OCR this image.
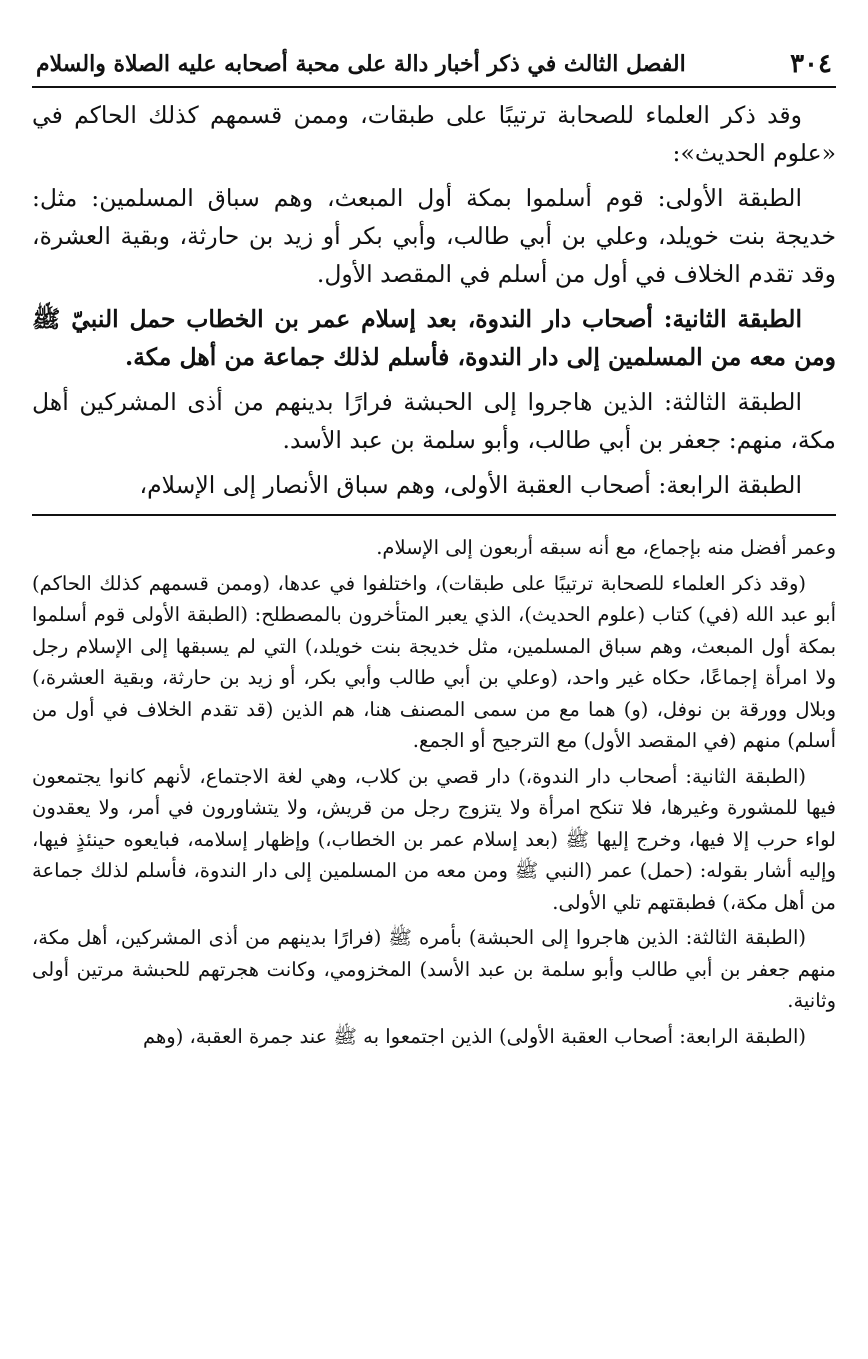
٣٠٤
الفصل الثالث في ذكر أخبار دالة على محبة أصحابه عليه الصلاة والسلام

وقد ذكر العلماء للصحابة ترتيبًا على طبقات، وممن قسمهم كذلك الحاكم في «علوم الحديث»:

الطبقة الأولى: قوم أسلموا بمكة أول المبعث، وهم سباق المسلمين: مثل: خديجة بنت خويلد، وعلي بن أبي طالب، وأبي بكر أو زيد بن حارثة، وبقية العشرة، وقد تقدم الخلاف في أول من أسلم في المقصد الأول.

الطبقة الثانية: أصحاب دار الندوة، بعد إسلام عمر بن الخطاب حمل النبيّ ﷺ ومن معه من المسلمين إلى دار الندوة، فأسلم لذلك جماعة من أهل مكة.

الطبقة الثالثة: الذين هاجروا إلى الحبشة فرارًا بدينهم من أذى المشركين أهل مكة، منهم: جعفر بن أبي طالب، وأبو سلمة بن عبد الأسد.

الطبقة الرابعة: أصحاب العقبة الأولى، وهم سباق الأنصار إلى الإسلام،

وعمر أفضل منه بإجماع، مع أنه سبقه أربعون إلى الإسلام.

(وقد ذكر العلماء للصحابة ترتيبًا على طبقات)، واختلفوا في عدها، (وممن قسمهم كذلك الحاكم) أبو عبد الله (في) كتاب (علوم الحديث)، الذي يعبر المتأخرون بالمصطلح: (الطبقة الأولى قوم أسلموا بمكة أول المبعث، وهم سباق المسلمين، مثل خديجة بنت خويلد،) التي لم يسبقها إلى الإسلام رجل ولا امرأة إجماعًا، حكاه غير واحد، (وعلي بن أبي طالب وأبي بكر، أو زيد بن حارثة، وبقية العشرة،) وبلال وورقة بن نوفل، (و) هما مع من سمى المصنف هنا، هم الذين (قد تقدم الخلاف في أول من أسلم) منهم (في المقصد الأول) مع الترجيح أو الجمع.

(الطبقة الثانية: أصحاب دار الندوة،) دار قصي بن كلاب، وهي لغة الاجتماع، لأنهم كانوا يجتمعون فيها للمشورة وغيرها، فلا تنكح امرأة ولا يتزوج رجل من قريش، ولا يتشاورون في أمر، ولا يعقدون لواء حرب إلا فيها، وخرج إليها ﷺ (بعد إسلام عمر بن الخطاب،) وإظهار إسلامه، فبايعوه حينئذٍ فيها، وإليه أشار بقوله: (حمل) عمر (النبي ﷺ ومن معه من المسلمين إلى دار الندوة، فأسلم لذلك جماعة من أهل مكة،) فطبقتهم تلي الأولى.

(الطبقة الثالثة: الذين هاجروا إلى الحبشة) بأمره ﷺ (فرارًا بدينهم من أذى المشركين، أهل مكة، منهم جعفر بن أبي طالب وأبو سلمة بن عبد الأسد) المخزومي، وكانت هجرتهم للحبشة مرتين أولى وثانية.

(الطبقة الرابعة: أصحاب العقبة الأولى) الذين اجتمعوا به ﷺ عند جمرة العقبة، (وهم
